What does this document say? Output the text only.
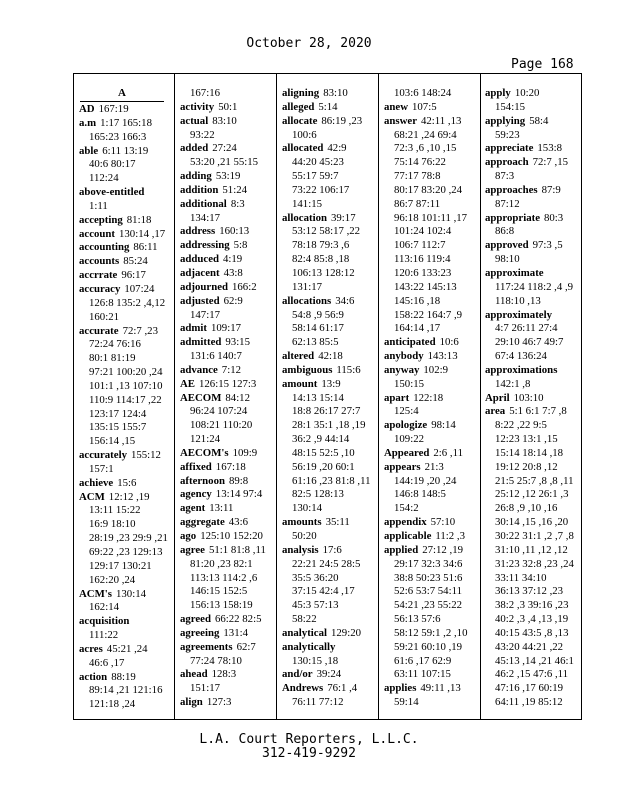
October 28, 2020
Page 168
A
AD 167:19
a.m 1:17 165:18
165:23 166:3
able 6:11 13:19
40:6 80:17
112:24
above-entitled
1:11
accepting 81:18
account 130:14 ,17
accounting 86:11
accounts 85:24
accrrate 96:17
accuracy 107:24
126:8 135:2 ,4,12
160:21
accurate 72:7 ,23
72:24 76:16
80:1 81:19
97:21 100:20 ,24
101:1 ,13 107:10
110:9 114:17 ,22
123:17 124:4
135:15 155:7
156:14 ,15
accurately 155:12
157:1
achieve 15:6
ACM 12:12 ,19
13:11 15:22
16:9 18:10
28:19 ,23 29:9 ,21
69:22 ,23 129:13
129:17 130:21
162:20 ,24
ACM's 130:14
162:14
acquisition
111:22
acres 45:21 ,24
46:6 ,17
action 88:19
89:14 ,21 121:16
121:18 ,24
167:16
activity 50:1
actual 83:10
93:22
added 27:24
53:20 ,21 55:15
adding 53:19
addition 51:24
additional 8:3
134:17
address 160:13
addressing 5:8
adduced 4:19
adjacent 43:8
adjourned 166:2
adjusted 62:9
147:17
admit 109:17
admitted 93:15
131:6 140:7
advance 7:12
AE 126:15 127:3
AECOM 84:12
96:24 107:24
108:21 110:20
121:24
AECOM's 109:9
affixed 167:18
afternoon 89:8
agency 13:14 97:4
agent 13:11
aggregate 43:6
ago 125:10 152:20
agree 51:1 81:8 ,11
81:20 ,23 82:1
113:13 114:2 ,6
146:15 152:5
156:13 158:19
agreed 66:22 82:5
agreeing 131:4
agreements 62:7
77:24 78:10
ahead 128:3
151:17
align 127:3
aligning 83:10
alleged 5:14
allocate 86:19 ,23
100:6
allocated 42:9
44:20 45:23
55:17 59:7
73:22 106:17
141:15
allocation 39:17
53:12 58:17 ,22
78:18 79:3 ,6
82:4 85:8 ,18
106:13 128:12
131:17
allocations 34:6
54:8 ,9 56:9
58:14 61:17
62:13 85:5
altered 42:18
ambiguous 115:6
amount 13:9
14:13 15:14
18:8 26:17 27:7
28:1 35:1 ,18 ,19
36:2 ,9 44:14
48:15 52:5 ,10
56:19 ,20 60:1
61:16 ,23 81:8 ,11
82:5 128:13
130:14
amounts 35:11
50:20
analysis 17:6
22:21 24:5 28:5
35:5 36:20
37:15 42:4 ,17
45:3 57:13
58:22
analytical 129:20
analytically
130:15 ,18
and/or 39:24
Andrews 76:1 ,4
76:11 77:12
103:6 148:24
anew 107:5
answer 42:11 ,13
68:21 ,24 69:4
72:3 ,6 ,10 ,15
75:14 76:22
77:17 78:8
80:17 83:20 ,24
86:7 87:11
96:18 101:11 ,17
101:24 102:4
106:7 112:7
113:16 119:4
120:6 133:23
143:22 145:13
145:16 ,18
158:22 164:7 ,9
164:14 ,17
anticipated 10:6
anybody 143:13
anyway 102:9
150:15
apart 122:18
125:4
apologize 98:14
109:22
Appeared 2:6 ,11
appears 21:3
144:19 ,20 ,24
146:8 148:5
154:2
appendix 57:10
applicable 11:2 ,3
applied 27:12 ,19
29:17 32:3 34:6
38:8 50:23 51:6
52:6 53:7 54:11
54:21 ,23 55:22
56:13 57:6
58:12 59:1 ,2 ,10
59:21 60:10 ,19
61:6 ,17 62:9
63:11 107:15
applies 49:11 ,13
59:14
apply 10:20
154:15
applying 58:4
59:23
appreciate 153:8
approach 72:7 ,15
87:3
approaches 87:9
87:12
appropriate 80:3
86:8
approved 97:3 ,5
98:10
approximate
117:24 118:2 ,4 ,9
118:10 ,13
approximately
4:7 26:11 27:4
29:10 46:7 49:7
67:4 136:24
approximations
142:1 ,8
April 103:10
area 5:1 6:1 7:7 ,8
8:22 ,22 9:5
12:23 13:1 ,15
15:14 18:14 ,18
19:12 20:8 ,12
21:5 25:7 ,8 ,8 ,11
25:12 ,12 26:1 ,3
26:8 ,9 ,10 ,16
30:14 ,15 ,16 ,20
30:22 31:1 ,2 ,7 ,8
31:10 ,11 ,12 ,12
31:23 32:8 ,23 ,24
33:11 34:10
36:13 37:12 ,23
38:2 ,3 39:16 ,23
40:2 ,3 ,4 ,13 ,19
40:15 43:5 ,8 ,13
43:20 44:21 ,22
45:13 ,14 ,21 46:1
46:2 ,15 47:6 ,11
47:16 ,17 60:19
64:11 ,19 85:12
L.A. Court Reporters, L.L.C.
312-419-9292
